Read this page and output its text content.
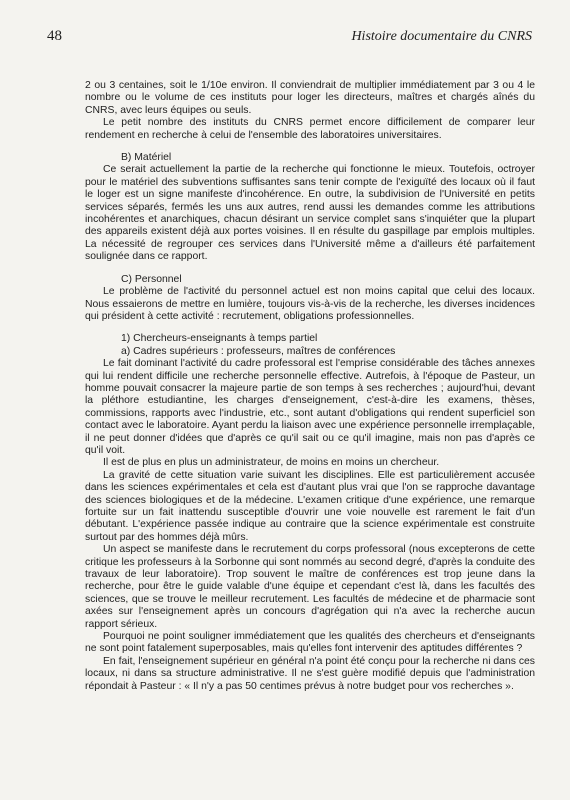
48	Histoire documentaire du CNRS

2 ou 3 centaines, soit le 1/10e environ. Il conviendrait de multiplier immédiatement par 3 ou 4 le nombre ou le volume de ces instituts pour loger les directeurs, maîtres et chargés aînés du CNRS, avec leurs équipes ou seuls.

Le petit nombre des instituts du CNRS permet encore difficilement de comparer leur rendement en recherche à celui de l'ensemble des laboratoires universitaires.

B) Matériel

Ce serait actuellement la partie de la recherche qui fonctionne le mieux. Toutefois, octroyer pour le matériel des subventions suffisantes sans tenir compte de l'exiguïté des locaux où il faut le loger est un signe manifeste d'incohérence. En outre, la subdivision de l'Université en petits services séparés, fermés les uns aux autres, rend aussi les demandes comme les attributions incohérentes et anarchiques, chacun désirant un service complet sans s'inquiéter que la plupart des appareils existent déjà aux portes voisines. Il en résulte du gaspillage par emplois multiples. La nécessité de regrouper ces services dans l'Université même a d'ailleurs été parfaitement soulignée dans ce rapport.

C) Personnel

Le problème de l'activité du personnel actuel est non moins capital que celui des locaux. Nous essaierons de mettre en lumière, toujours vis-à-vis de la recherche, les diverses incidences qui président à cette activité : recrutement, obligations professionnelles.

1) Chercheurs-enseignants à temps partiel

a) Cadres supérieurs : professeurs, maîtres de conférences

Le fait dominant l'activité du cadre professoral est l'emprise considérable des tâches annexes qui lui rendent difficile une recherche personnelle effective. Autrefois, à l'époque de Pasteur, un homme pouvait consacrer la majeure partie de son temps à ses recherches ; aujourd'hui, devant la pléthore estudiantine, les charges d'enseignement, c'est-à-dire les examens, thèses, commissions, rapports avec l'industrie, etc., sont autant d'obligations qui rendent superficiel son contact avec le laboratoire. Ayant perdu la liaison avec une expérience personnelle irremplaçable, il ne peut donner d'idées que d'après ce qu'il sait ou ce qu'il imagine, mais non pas d'après ce qu'il voit.

Il est de plus en plus un administrateur, de moins en moins un chercheur.

La gravité de cette situation varie suivant les disciplines. Elle est particulièrement accusée dans les sciences expérimentales et cela est d'autant plus vrai que l'on se rapproche davantage des sciences biologiques et de la médecine. L'examen critique d'une expérience, une remarque fortuite sur un fait inattendu susceptible d'ouvrir une voie nouvelle est rarement le fait d'un débutant. L'expérience passée indique au contraire que la science expérimentale est construite surtout par des hommes déjà mûrs.

Un aspect se manifeste dans le recrutement du corps professoral (nous excepterons de cette critique les professeurs à la Sorbonne qui sont nommés au second degré, d'après la conduite des travaux de leur laboratoire). Trop souvent le maître de conférences est trop jeune dans la recherche, pour être le guide valable d'une équipe et cependant c'est là, dans les facultés des sciences, que se trouve le meilleur recrutement. Les facultés de médecine et de pharmacie sont axées sur l'enseignement après un concours d'agrégation qui n'a avec la recherche aucun rapport sérieux.

Pourquoi ne point souligner immédiatement que les qualités des chercheurs et d'enseignants ne sont point fatalement superposables, mais qu'elles font intervenir des aptitudes différentes ?

En fait, l'enseignement supérieur en général n'a point été conçu pour la recherche ni dans ces locaux, ni dans sa structure administrative. Il ne s'est guère modifié depuis que l'administration répondait à Pasteur : « Il n'y a pas 50 centimes prévus à notre budget pour vos recherches ».
